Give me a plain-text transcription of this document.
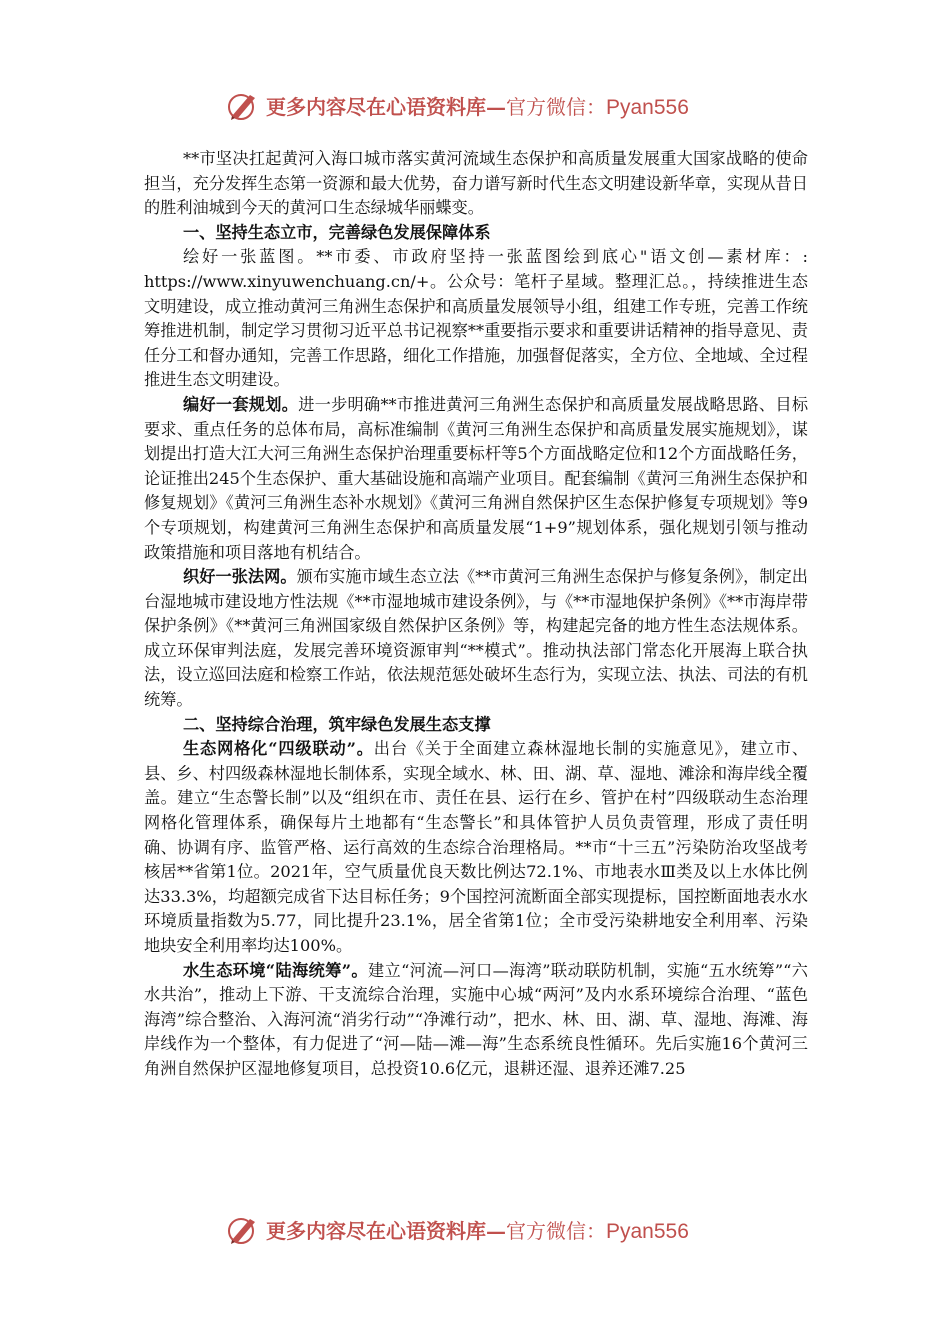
更多内容尽在心语资料库—官方微信：Pyan556

**市坚决扛起黄河入海口城市落实黄河流域生态保护和高质量发展重大国家战略的使命担当，充分发挥生态第一资源和最大优势，奋力谱写新时代生态文明建设新华章，实现从昔日的胜利油城到今天的黄河口生态绿城华丽蝶变。

一、坚持生态立市，完善绿色发展保障体系

绘好一张蓝图。**市委、市政府坚持一张蓝图绘到底心"语文创—素材库：: https://www.xinyuwenchuang.cn/+。公众号：笔杆子星域。整理汇总。，持续推进生态文明建设，成立推动黄河三角洲生态保护和高质量发展领导小组，组建工作专班，完善工作统筹推进机制，制定学习贯彻习近平总书记视察**重要指示要求和重要讲话精神的指导意见、责任分工和督办通知，完善工作思路，细化工作措施，加强督促落实，全方位、全地域、全过程推进生态文明建设。

编好一套规划。进一步明确**市推进黄河三角洲生态保护和高质量发展战略思路、目标要求、重点任务的总体布局，高标准编制《黄河三角洲生态保护和高质量发展实施规划》，谋划提出打造大江大河三角洲生态保护治理重要标杆等5个方面战略定位和12个方面战略任务，论证推出245个生态保护、重大基础设施和高端产业项目。配套编制《黄河三角洲生态保护和修复规划》《黄河三角洲生态补水规划》《黄河三角洲自然保护区生态保护修复专项规划》等9个专项规划，构建黄河三角洲生态保护和高质量发展“1+9”规划体系，强化规划引领与推动政策措施和项目落地有机结合。

织好一张法网。颁布实施市域生态立法《**市黄河三角洲生态保护与修复条例》，制定出台湿地城市建设地方性法规《**市湿地城市建设条例》，与《**市湿地保护条例》《**市海岸带保护条例》《**黄河三角洲国家级自然保护区条例》等，构建起完备的地方性生态法规体系。成立环保审判法庭，发展完善环境资源审判“**模式”。推动执法部门常态化开展海上联合执法，设立巡回法庭和检察工作站，依法规范惩处破坏生态行为，实现立法、执法、司法的有机统筹。

二、坚持综合治理，筑牢绿色发展生态支撑

生态网格化“四级联动”。出台《关于全面建立森林湿地长制的实施意见》，建立市、县、乡、村四级森林湿地长制体系，实现全域水、林、田、湖、草、湿地、滩涂和海岸线全覆盖。建立“生态警长制”以及“组织在市、责任在县、运行在乡、管护在村”四级联动生态治理网格化管理体系，确保每片土地都有“生态警长”和具体管护人员负责管理，形成了责任明确、协调有序、监管严格、运行高效的生态综合治理格局。**市“十三五”污染防治攻坚战考核居**省第1位。2021年，空气质量优良天数比例达72.1%、市地表水Ⅲ类及以上水体比例达33.3%，均超额完成省下达目标任务；9个国控河流断面全部实现提标，国控断面地表水水环境质量指数为5.77，同比提升23.1%，居全省第1位；全市受污染耕地安全利用率、污染地块安全利用率均达100%。

水生态环境“陆海统筹”。建立“河流—河口—海湾”联动联防机制，实施“五水统筹”“六水共治”，推动上下游、干支流综合治理，实施中心城“两河”及内水系环境综合治理、“蓝色海湾”综合整治、入海河流“消劣行动”“净滩行动”，把水、林、田、湖、草、湿地、海滩、海岸线作为一个整体，有力促进了“河—陆—滩—海”生态系统良性循环。先后实施16个黄河三角洲自然保护区湿地修复项目，总投资10.6亿元，退耕还湿、退养还滩7.25

更多内容尽在心语资料库—官方微信：Pyan556
